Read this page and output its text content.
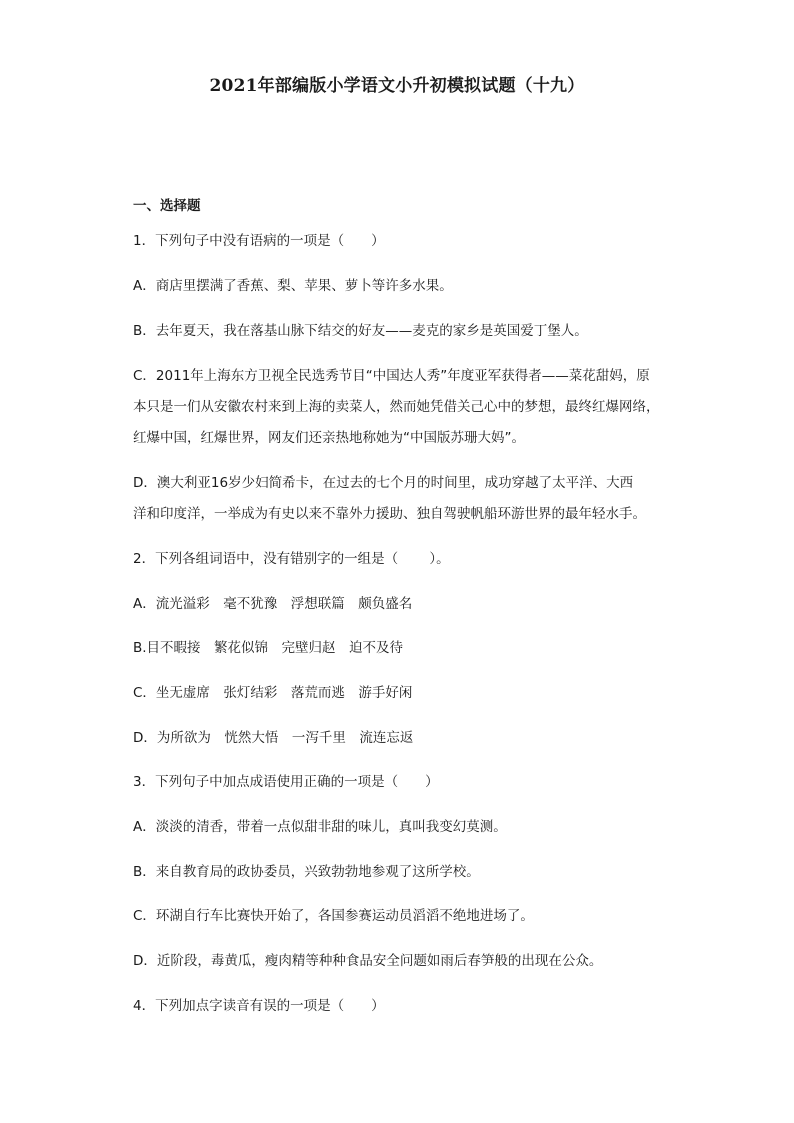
2021年部编版小学语文小升初模拟试题（十九）
一、选择题
1．下列句子中没有语病的一项是（　　）
A．商店里摆满了香蕉、梨、苹果、萝卜等许多水果。
B．去年夏天，我在落基山脉下结交的好友——麦克的家乡是英国爱丁堡人。
C．2011年上海东方卫视全民选秀节目“中国达人秀”年度亚军获得者——菜花甜妈，原
本只是一们从安徽农村来到上海的卖菜人，然而她凭借关己心中的梦想，最终红爆网络，
红爆中国，红爆世界，网友们还亲热地称她为“中国版苏珊大妈”。
D．澳大利亚16岁少妇简希卡，在过去的七个月的时间里，成功穿越了太平洋、大西
洋和印度洋，一举成为有史以来不靠外力援助、独自驾驶帆船环游世界的最年轻水手。
2．下列各组词语中，没有错别字的一组是（　　 ）。
A．流光溢彩　毫不犹豫　浮想联篇　颇负盛名
B.目不暇接　繁花似锦　完壁归赵　迫不及待
C．坐无虚席　张灯结彩　落荒而逃　游手好闲
D．为所欲为　恍然大悟　一泻千里　流连忘返
3．下列句子中加点成语使用正确的一项是（　　）
A．淡淡的清香，带着一点似甜非甜的味儿，真叫我变幻莫测。
B．来自教育局的政协委员，兴致勃勃地参观了这所学校。
C．环湖自行车比赛快开始了，各国参赛运动员滔滔不绝地进场了。
D．近阶段，毒黄瓜，瘦肉精等种种食品安全问题如雨后春笋般的出现在公众。
4．下列加点字读音有误的一项是（　　）
